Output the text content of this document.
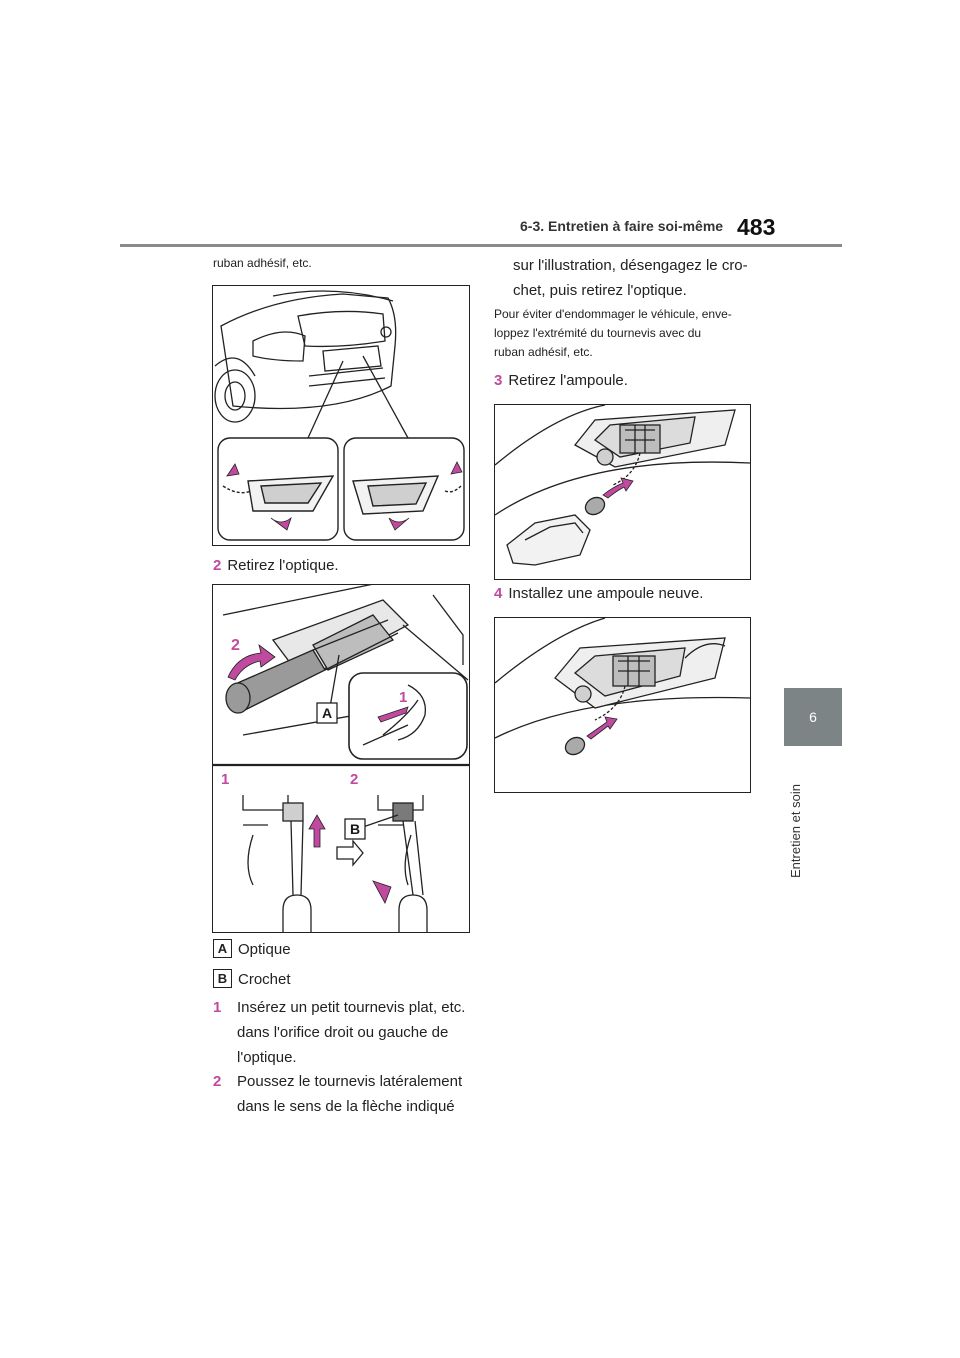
6-3. Entretien à faire soi-même 483
6
Entretien et soin
ruban adhésif, etc.
2 Retirez l'optique.
2
A
1
1	2
B
A Optique
B Crochet
1	Insérez un petit tournevis plat, etc.
dans l'orifice droit ou gauche de
l'optique.
2	Poussez le tournevis latéralement
dans le sens de la flèche indiqué
sur l'illustration, désengagez le cro-
chet, puis retirez l'optique.
Pour éviter d'endommager le véhicule, enve-
loppez l'extrémité du tournevis avec du
ruban adhésif, etc.
3 Retirez l'ampoule.
4 Installez une ampoule neuve.
